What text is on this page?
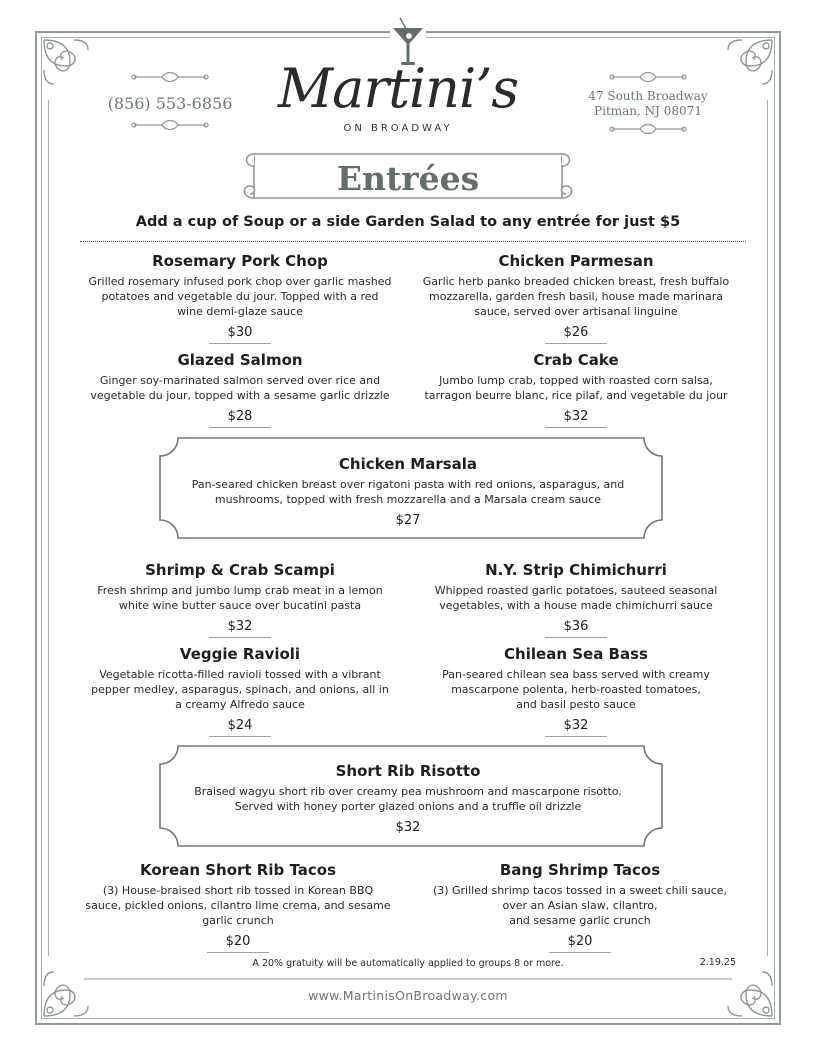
(856) 553-6856	47 South Broadway
Pitman, NJ 08071
Martini’s
ON BROADWAY
Entrées
Add a cup of Soup or a side Garden Salad to any entrée for just $5
Rosemary Pork Chop
Grilled rosemary infused pork chop over garlic mashed
potatoes and vegetable du jour. Topped with a red
wine demi-glaze sauce
$30
Chicken Parmesan
Garlic herb panko breaded chicken breast, fresh buffalo
mozzarella, garden fresh basil, house made marinara
sauce, served over artisanal linguine
$26
Glazed Salmon
Ginger soy-marinated salmon served over rice and
vegetable du jour, topped with a sesame garlic drizzle
$28
Crab Cake
Jumbo lump crab, topped with roasted corn salsa,
tarragon beurre blanc, rice pilaf, and vegetable du jour
$32
Chicken Marsala
Pan-seared chicken breast over rigatoni pasta with red onions, asparagus, and
mushrooms, topped with fresh mozzarella and a Marsala cream sauce
$27
Shrimp & Crab Scampi
Fresh shrimp and jumbo lump crab meat in a lemon
white wine butter sauce over bucatini pasta
$32
N.Y. Strip Chimichurri
Whipped roasted garlic potatoes, sauteed seasonal
vegetables, with a house made chimichurri sauce
$36
Veggie Ravioli
Vegetable ricotta-filled ravioli tossed with a vibrant
pepper medley, asparagus, spinach, and onions, all in
a creamy Alfredo sauce
$24
Chilean Sea Bass
Pan-seared chilean sea bass served with creamy
mascarpone polenta, herb-roasted tomatoes,
and basil pesto sauce
$32
Short Rib Risotto
Braised wagyu short rib over creamy pea mushroom and mascarpone risotto.
Served with honey porter glazed onions and a truffle oil drizzle
$32
Korean Short Rib Tacos
(3) House-braised short rib tossed in Korean BBQ
sauce, pickled onions, cilantro lime crema, and sesame
garlic crunch
$20
Bang Shrimp Tacos
(3) Grilled shrimp tacos tossed in a sweet chili sauce,
over an Asian slaw, cilantro,
and sesame garlic crunch
$20
A 20% gratuity will be automatically applied to groups 8 or more.	2.19.25
www.MartinisOnBroadway.com
